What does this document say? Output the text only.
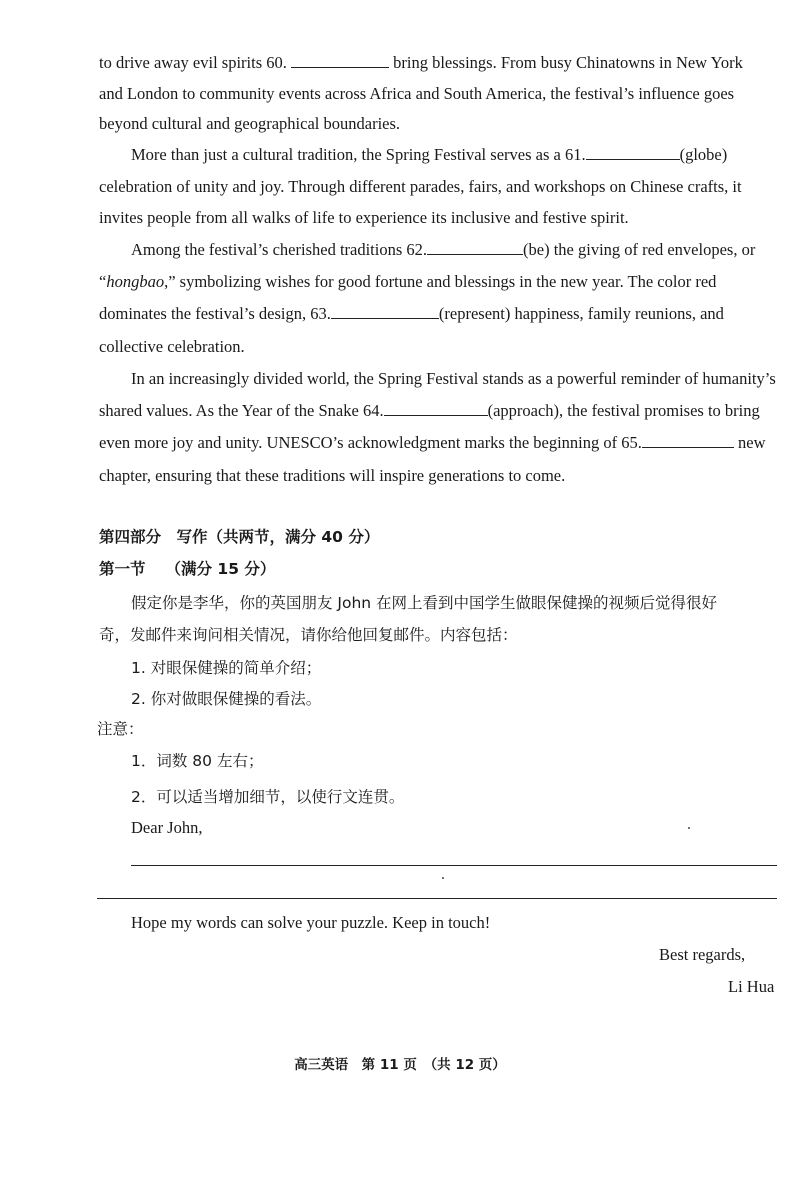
to drive away evil spirits 60.	bring blessings. From busy Chinatowns in New York
and London to community events across Africa and South America, the festival’s influence goes
beyond cultural and geographical boundaries.
More than just a cultural tradition, the Spring Festival serves as a 61.	(globe)
celebration of unity and joy. Through different parades, fairs, and workshops on Chinese crafts, it
invites people from all walks of life to experience its inclusive and festive spirit.
Among the festival’s cherished traditions 62.	(be) the giving of red envelopes, or
“hongbao,” symbolizing wishes for good fortune and blessings in the new year. The color red
dominates the festival’s design, 63.	(represent) happiness, family reunions, and
collective celebration.
In an increasingly divided world, the Spring Festival stands as a powerful reminder of humanity’s
shared values. As the Year of the Snake 64.	(approach), the festival promises to bring
even more joy and unity. UNESCO’s acknowledgment marks the beginning of 65.	new
chapter, ensuring that these traditions will inspire generations to come.
第四部分　写作（共两节，满分 40 分）
第一节 （满分 15 分）
假定你是李华，你的英国朋友 John 在网上看到中国学生做眼保健操的视频后觉得很好
奇，发邮件来询问相关情况，请你给他回复邮件。内容包括：
1. 对眼保健操的简单介绍；
2. 你对做眼保健操的看法。
注意：
1．词数 80 左右；
2．可以适当增加细节，以使行文连贯。
Dear John,
Hope my words can solve your puzzle. Keep in touch!
Best regards,
Li Hua
高三英语　第 11 页　（共 12 页）
